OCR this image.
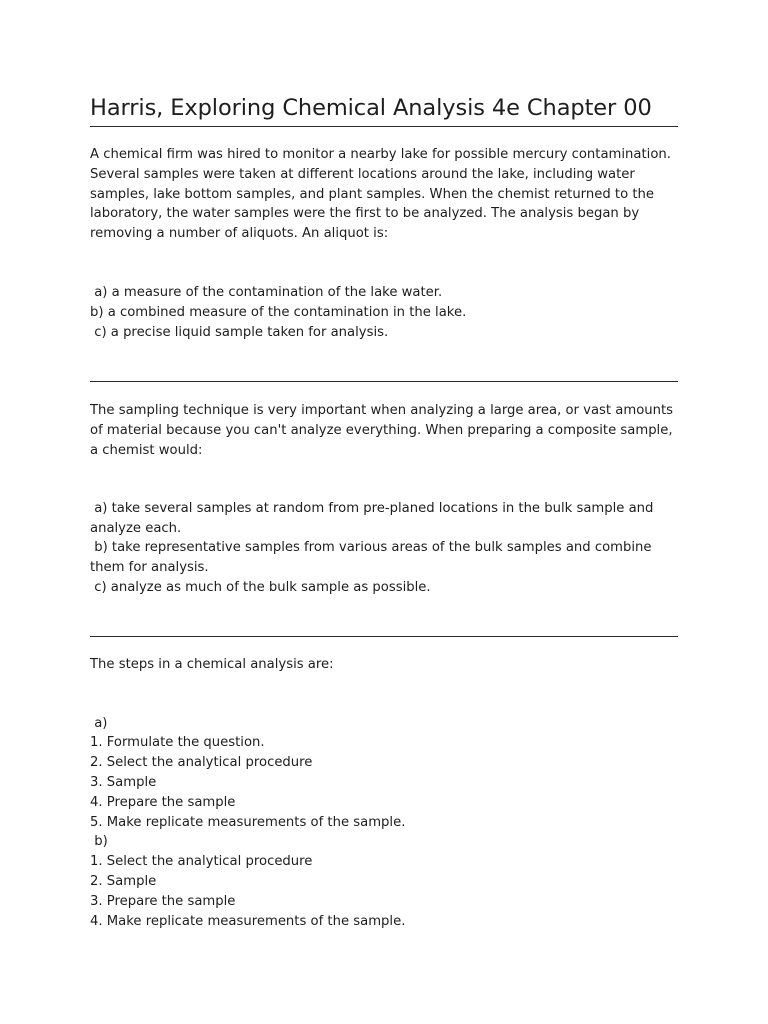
Harris, Exploring Chemical Analysis 4e Chapter 00

A chemical firm was hired to monitor a nearby lake for possible mercury contamination. Several samples were taken at different locations around the lake, including water samples, lake bottom samples, and plant samples. When the chemist returned to the laboratory, the water samples were the first to be analyzed. The analysis began by removing a number of aliquots. An aliquot is:

a) a measure of the contamination of the lake water.
b) a combined measure of the contamination in the lake.
c) a precise liquid sample taken for analysis.

The sampling technique is very important when analyzing a large area, or vast amounts of material because you can't analyze everything. When preparing a composite sample, a chemist would:

a) take several samples at random from pre-planed locations in the bulk sample and analyze each.
b) take representative samples from various areas of the bulk samples and combine them for analysis.
c) analyze as much of the bulk sample as possible.

The steps in a chemical analysis are:

a)
1. Formulate the question.
2. Select the analytical procedure
3. Sample
4. Prepare the sample
5. Make replicate measurements of the sample.
b)
1. Select the analytical procedure
2. Sample
3. Prepare the sample
4. Make replicate measurements of the sample.
